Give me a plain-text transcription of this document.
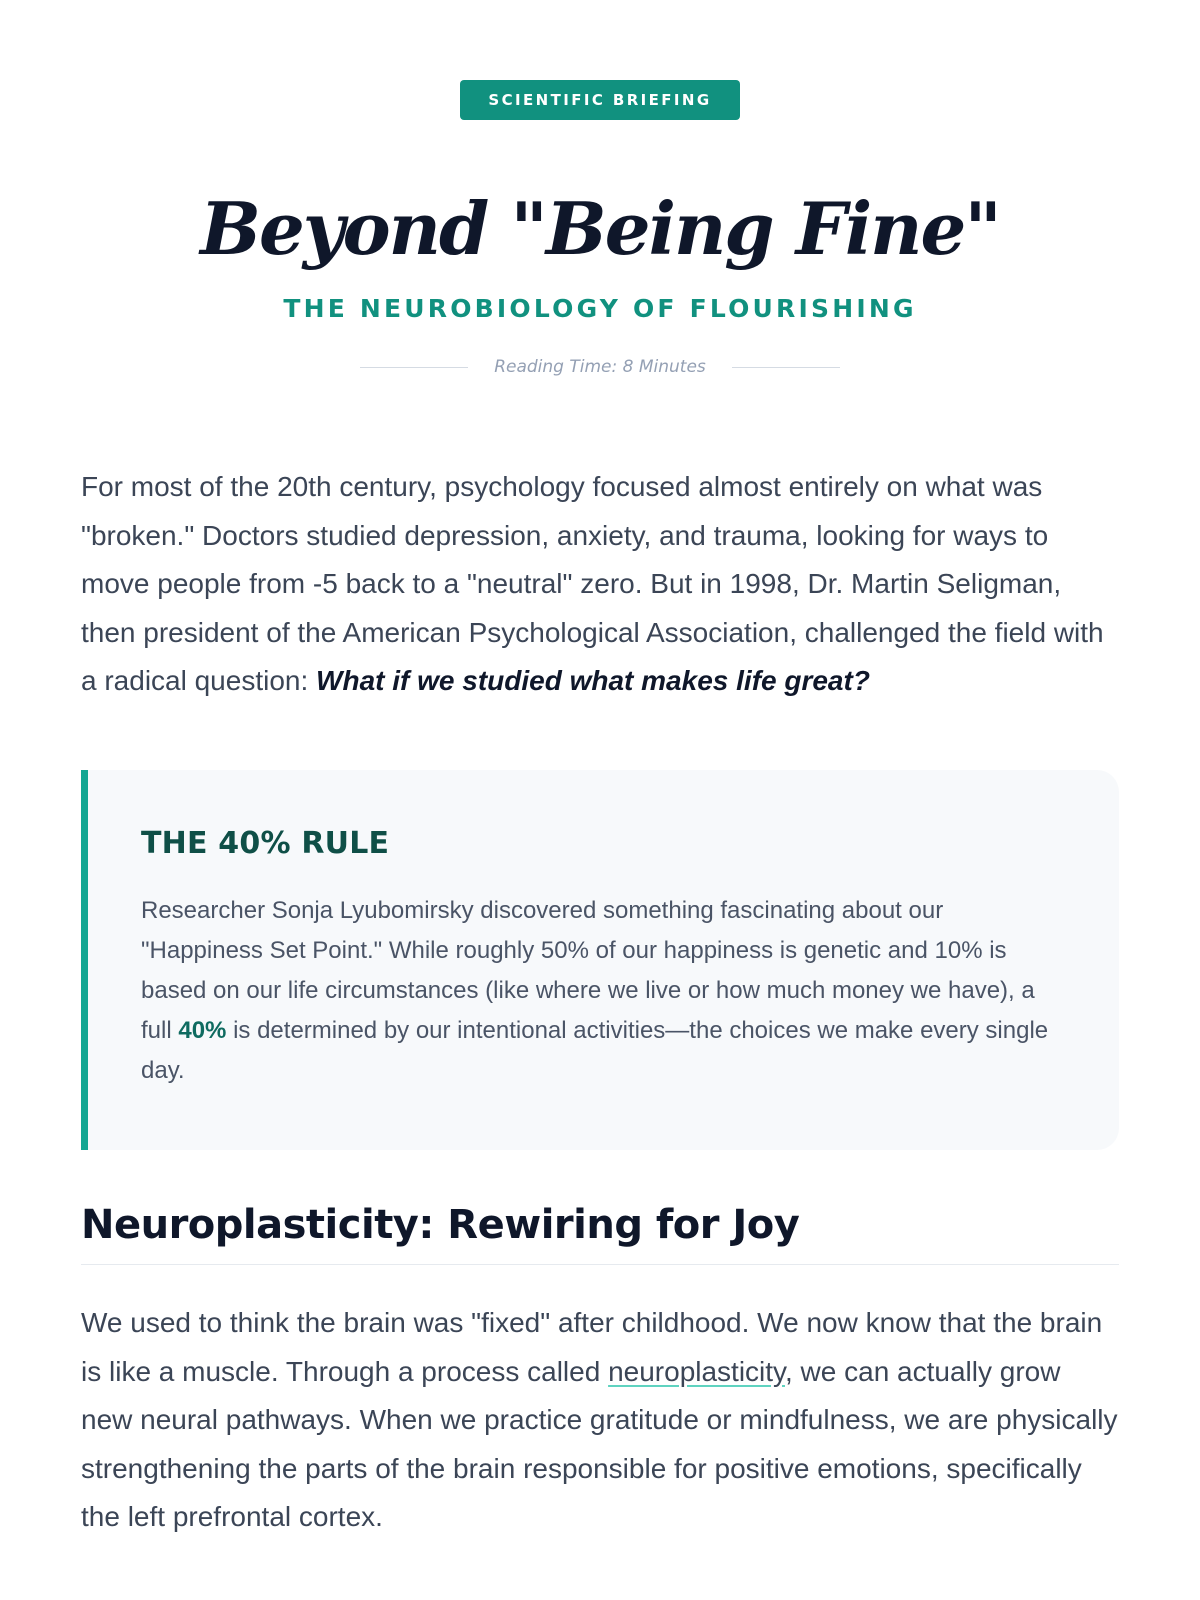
SCIENTIFIC BRIEFING
Beyond "Being Fine"
THE NEUROBIOLOGY OF FLOURISHING
Reading Time: 8 Minutes

For most of the 20th century, psychology focused almost entirely on what was "broken." Doctors studied depression, anxiety, and trauma, looking for ways to move people from -5 back to a "neutral" zero. But in 1998, Dr. Martin Seligman, then president of the American Psychological Association, challenged the field with a radical question: What if we studied what makes life great?

THE 40% RULE

Researcher Sonja Lyubomirsky discovered something fascinating about our "Happiness Set Point." While roughly 50% of our happiness is genetic and 10% is based on our life circumstances (like where we live or how much money we have), a full 40% is determined by our intentional activities—the choices we make every single day.

Neuroplasticity: Rewiring for Joy

We used to think the brain was "fixed" after childhood. We now know that the brain is like a muscle. Through a process called neuroplasticity, we can actually grow new neural pathways. When we practice gratitude or mindfulness, we are physically strengthening the parts of the brain responsible for positive emotions, specifically the left prefrontal cortex.
